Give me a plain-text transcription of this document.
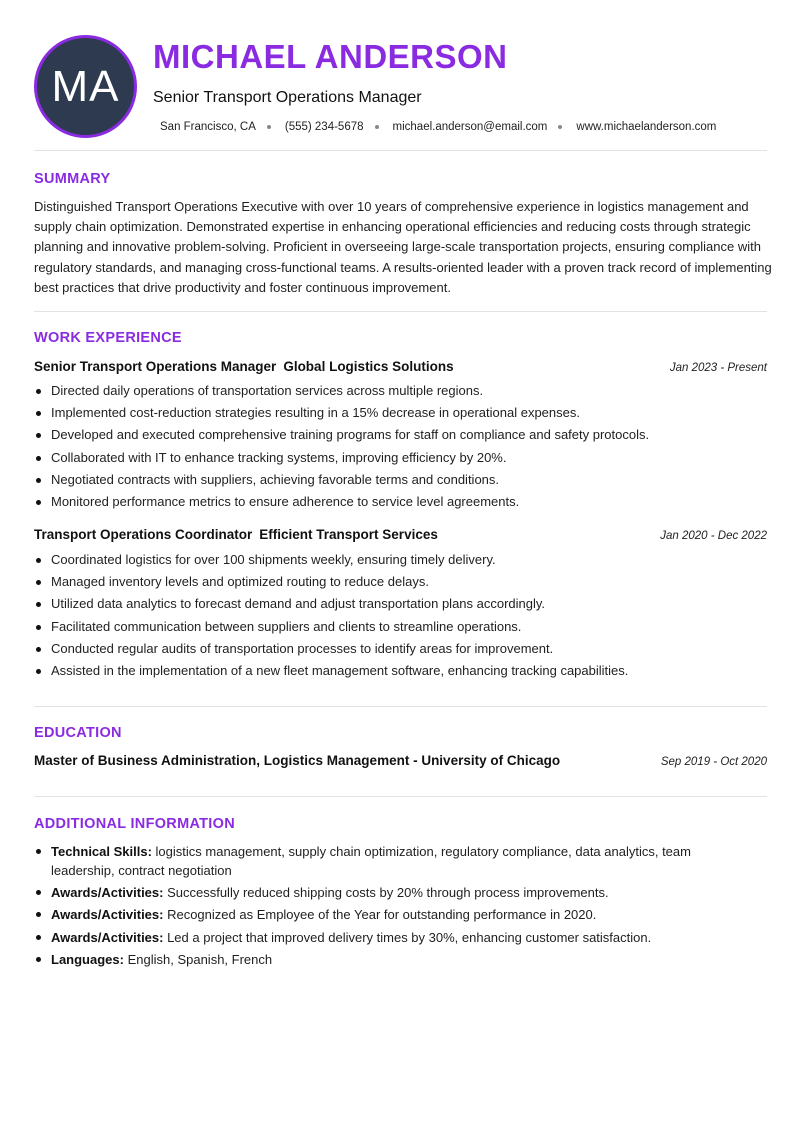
MA
MICHAEL ANDERSON
Senior Transport Operations Manager
San Francisco, CA	(555) 234-5678	michael.anderson@email.com	www.michaelanderson.com
SUMMARY

Distinguished Transport Operations Executive with over 10 years of comprehensive experience in logistics management and supply chain optimization. Demonstrated expertise in enhancing operational efficiencies and reducing costs through strategic planning and innovative problem-solving. Proficient in overseeing large-scale transportation projects, ensuring compliance with regulatory standards, and managing cross-functional teams. A results-oriented leader with a proven track record of implementing best practices that drive productivity and foster continuous improvement.

WORK EXPERIENCE
Senior Transport Operations Manager Global Logistics Solutions	Jan 2023 - Present
Directed daily operations of transportation services across multiple regions.
Implemented cost-reduction strategies resulting in a 15% decrease in operational expenses.
Developed and executed comprehensive training programs for staff on compliance and safety protocols.
Collaborated with IT to enhance tracking systems, improving efficiency by 20%.
Negotiated contracts with suppliers, achieving favorable terms and conditions.
Monitored performance metrics to ensure adherence to service level agreements.
Transport Operations Coordinator Efficient Transport Services	Jan 2020 - Dec 2022
Coordinated logistics for over 100 shipments weekly, ensuring timely delivery.
Managed inventory levels and optimized routing to reduce delays.
Utilized data analytics to forecast demand and adjust transportation plans accordingly.
Facilitated communication between suppliers and clients to streamline operations.
Conducted regular audits of transportation processes to identify areas for improvement.
Assisted in the implementation of a new fleet management software, enhancing tracking capabilities.
EDUCATION
Master of Business Administration, Logistics Management - University of Chicago	Sep 2019 - Oct 2020
ADDITIONAL INFORMATION
Technical Skills: logistics management, supply chain optimization, regulatory compliance, data analytics, team leadership, contract negotiation
Awards/Activities: Successfully reduced shipping costs by 20% through process improvements.
Awards/Activities: Recognized as Employee of the Year for outstanding performance in 2020.
Awards/Activities: Led a project that improved delivery times by 30%, enhancing customer satisfaction.
Languages: English, Spanish, French
